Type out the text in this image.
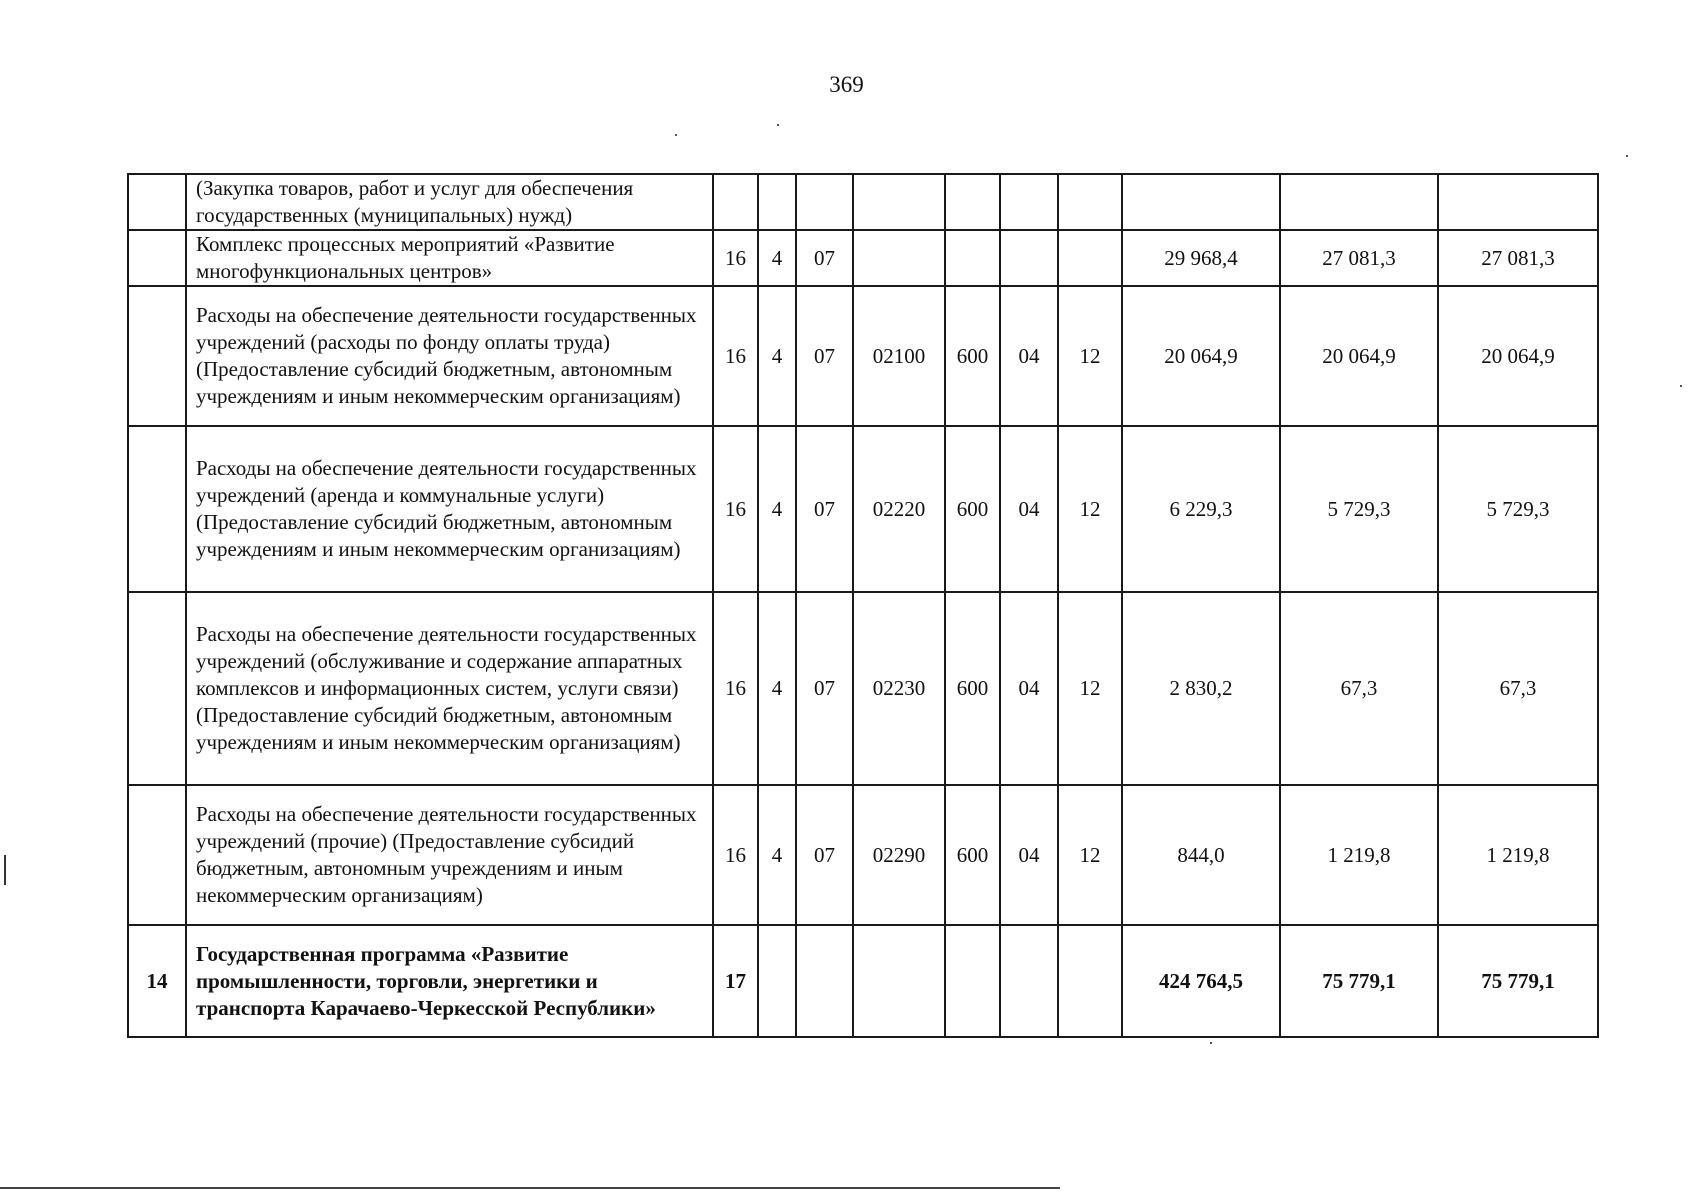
369
	(Закупка товаров, работ и услуг для обеспечения государственных (муниципальных) нужд)										
	Комплекс процессных мероприятий «Развитие многофункциональных центров»	16	4	07					29 968,4	27 081,3	27 081,3
	Расходы на обеспечение деятельности государственных учреждений (расходы по фонду оплаты труда) (Предоставление субсидий бюджетным, автономным учреждениям и иным некоммерческим организациям)	16	4	07	02100	600	04	12	20 064,9	20 064,9	20 064,9
	Расходы на обеспечение деятельности государственных учреждений (аренда и коммунальные услуги) (Предоставление субсидий бюджетным, автономным учреждениям и иным некоммерческим организациям)	16	4	07	02220	600	04	12	6 229,3	5 729,3	5 729,3
	Расходы на обеспечение деятельности государственных учреждений (обслуживание и содержание аппаратных комплексов и информационных систем, услуги связи) (Предоставление субсидий бюджетным, автономным учреждениям и иным некоммерческим организациям)	16	4	07	02230	600	04	12	2 830,2	67,3	67,3
	Расходы на обеспечение деятельности государственных учреждений (прочие) (Предоставление субсидий бюджетным, автономным учреждениям и иным некоммерческим организациям)	16	4	07	02290	600	04	12	844,0	1 219,8	1 219,8
14	Государственная программа «Развитие промышленности, торговли, энергетики и транспорта Карачаево-Черкесской Республики»	17							424 764,5	75 779,1	75 779,1
